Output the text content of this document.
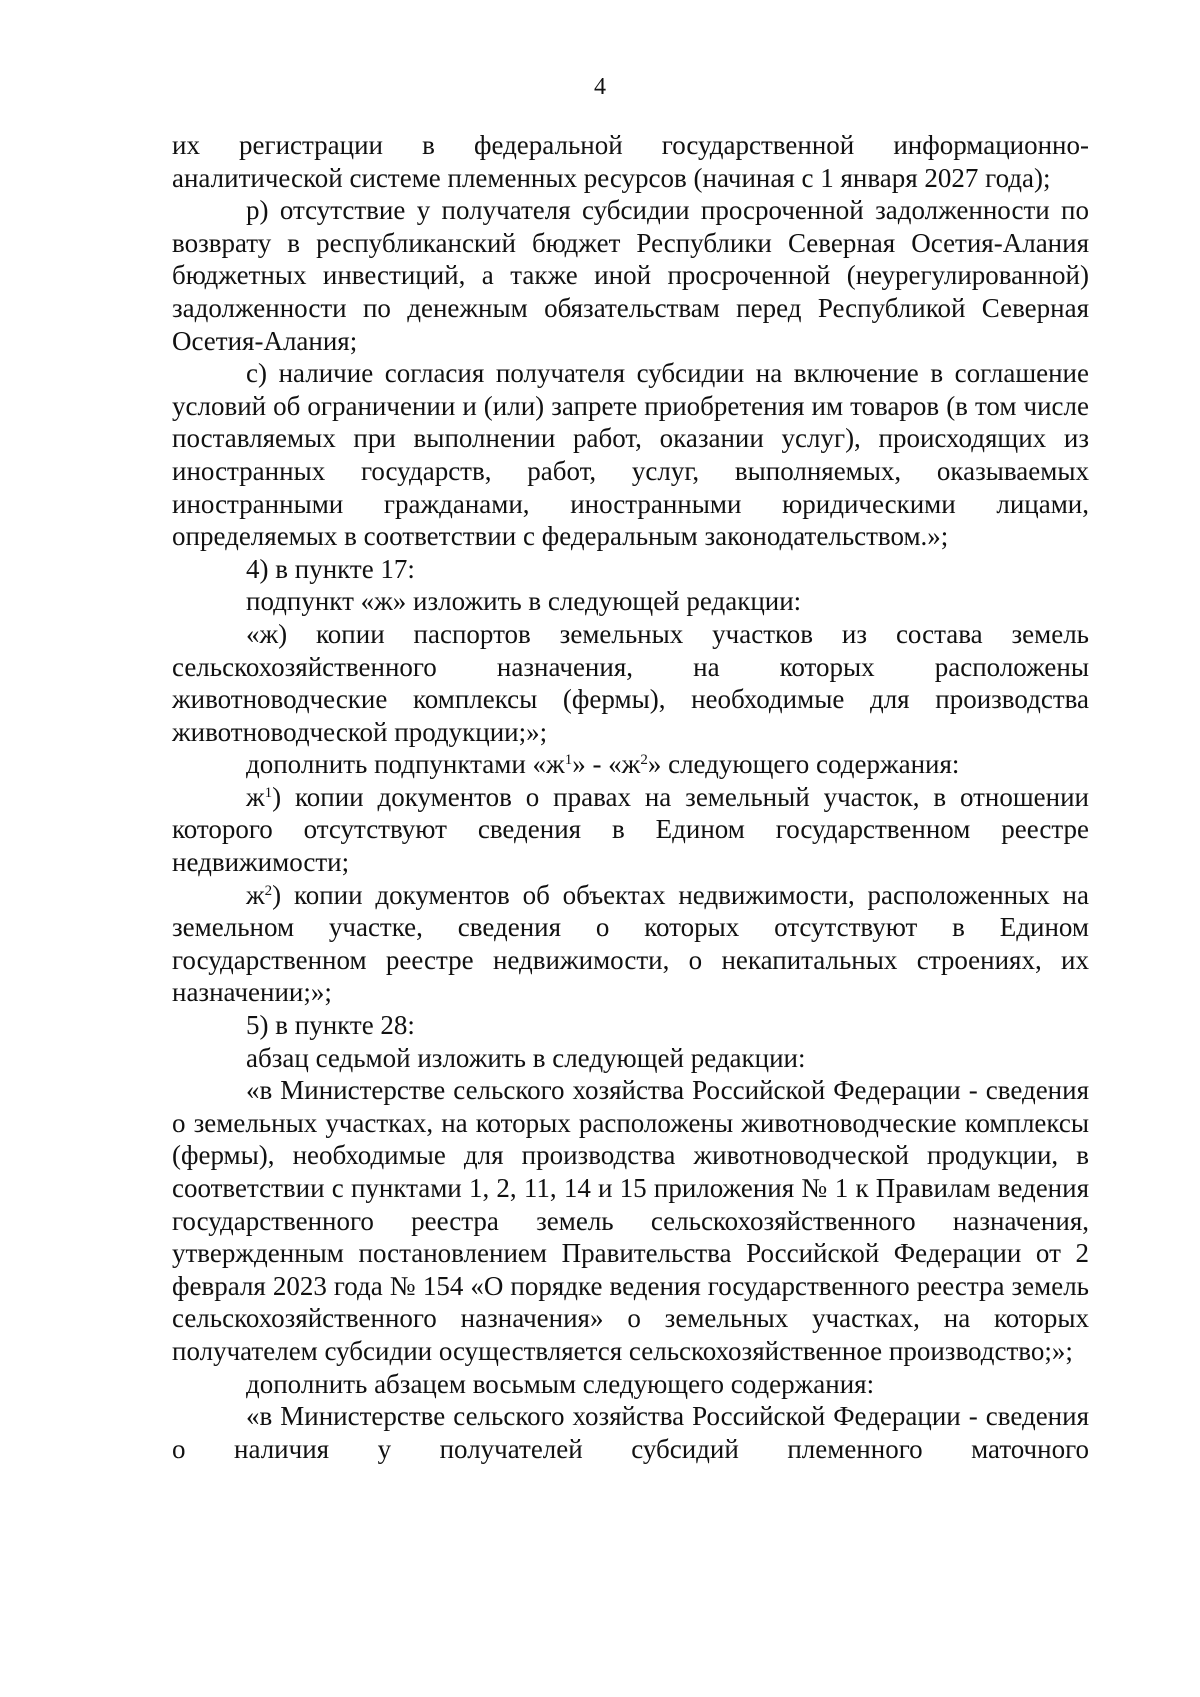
4

их регистрации в федеральной государственной информационно-аналитической системе племенных ресурсов (начиная с 1 января 2027 года);

р) отсутствие у получателя субсидии просроченной задолженности по возврату в республиканский бюджет Республики Северная Осетия-Алания бюджетных инвестиций, а также иной просроченной (неурегулированной) задолженности по денежным обязательствам перед Республикой Северная Осетия-Алания;

с) наличие согласия получателя субсидии на включение в соглашение условий об ограничении и (или) запрете приобретения им товаров (в том числе поставляемых при выполнении работ, оказании услуг), происходящих из иностранных государств, работ, услуг, выполняемых, оказываемых иностранными гражданами, иностранными юридическими лицами, определяемых в соответствии с федеральным законодательством.»;

4) в пункте 17:

подпункт «ж» изложить в следующей редакции:

«ж) копии паспортов земельных участков из состава земель сельскохозяйственного назначения, на которых расположены животноводческие комплексы (фермы), необходимые для производства животноводческой продукции;»;

дополнить подпунктами «$ж^1$» - «$ж^2$» следующего содержания:

$ж^1$) копии документов о правах на земельный участок, в отношении которого отсутствуют сведения в Едином государственном реестре недвижимости;

$ж^2$) копии документов об объектах недвижимости, расположенных на земельном участке, сведения о которых отсутствуют в Едином государственном реестре недвижимости, о некапитальных строениях, их назначении;»;

5) в пункте 28:

абзац седьмой изложить в следующей редакции:

«в Министерстве сельского хозяйства Российской Федерации - сведения о земельных участках, на которых расположены животноводческие комплексы (фермы), необходимые для производства животноводческой продукции, в соответствии с пунктами 1, 2, 11, 14 и 15 приложения № 1 к Правилам ведения государственного реестра земель сельскохозяйственного назначения, утвержденным постановлением Правительства Российской Федерации от 2 февраля 2023 года № 154 «О порядке ведения государственного реестра земель сельскохозяйственного назначения» о земельных участках, на которых получателем субсидии осуществляется сельскохозяйственное производство;»;

дополнить абзацем восьмым следующего содержания:

«в Министерстве сельского хозяйства Российской Федерации - сведения о наличия у получателей субсидий племенного маточного
